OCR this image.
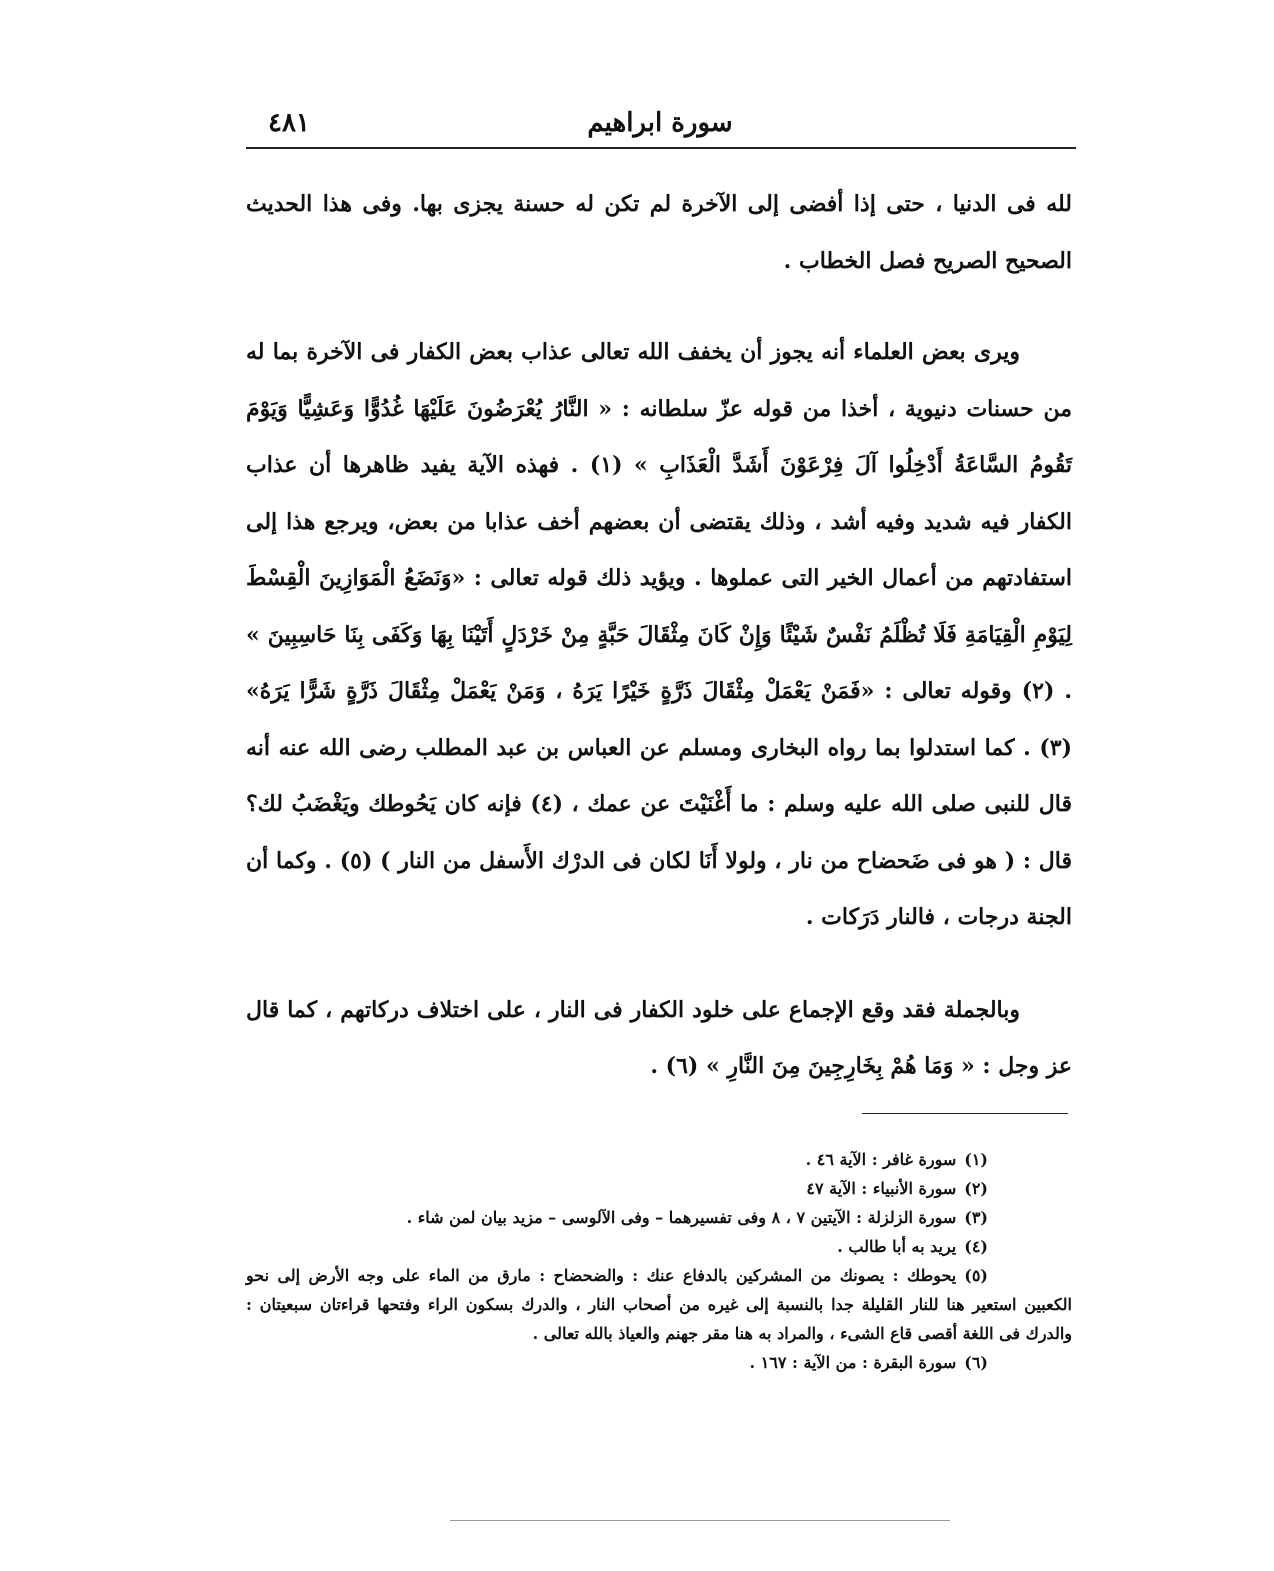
سورة ابراهيم
٤٨١

لله فى الدنيا ، حتى إذا أفضى إلى الآخرة لم تكن له حسنة يجزى بها. وفى هذا الحديث الصحيح الصريح فصل الخطاب .

ويرى بعض العلماء أنه يجوز أن يخفف الله تعالى عذاب بعض الكفار فى الآخرة بما له من حسنات دنيوية ، أخذا من قوله عزّ سلطانه : « النَّارُ يُعْرَضُونَ عَلَيْهَا غُدُوًّا وَعَشِيًّا وَيَوْمَ تَقُومُ السَّاعَةُ أَدْخِلُوا آلَ فِرْعَوْنَ أَشَدَّ الْعَذَابِ » (١) . فهذه الآية يفيد ظاهرها أن عذاب الكفار فيه شديد وفيه أشد ، وذلك يقتضى أن بعضهم أخف عذابا من بعض، ويرجع هذا إلى استفادتهم من أعمال الخير التى عملوها . ويؤيد ذلك قوله تعالى : «وَنَضَعُ الْمَوَازِينَ الْقِسْطَ لِيَوْمِ الْقِيَامَةِ فَلَا تُظْلَمُ نَفْسٌ شَيْئًا وَإِنْ كَانَ مِثْقَالَ حَبَّةٍ مِنْ خَرْدَلٍ أَتَيْنَا بِهَا وَكَفَى بِنَا حَاسِبِينَ » . (٢) وقوله تعالى : «فَمَنْ يَعْمَلْ مِثْقَالَ ذَرَّةٍ خَيْرًا يَرَهُ ، وَمَنْ يَعْمَلْ مِثْقَالَ ذَرَّةٍ شَرًّا يَرَهُ» (٣) . كما استدلوا بما رواه البخارى ومسلم عن العباس بن عبد المطلب رضى الله عنه أنه قال للنبى صلى الله عليه وسلم : ما أَغْنَيْتَ عن عمك ، (٤) فإنه كان يَحُوطك ويَغْضَبُ لك؟ قال : ( هو فى ضَحضاح من نار ، ولولا أَنَا لكان فى الدرْك الأَسفل من النار ) (٥) . وكما أن الجنة درجات ، فالنار دَرَكات .

وبالجملة فقد وقع الإجماع على خلود الكفار فى النار ، على اختلاف دركاتهم ، كما قال عز وجل : « وَمَا هُمْ بِخَارِجِينَ مِنَ النَّارِ » (٦) .

(١)سورة غافر : الآية ٤٦ .

(٢)سورة الأنبياء : الآية ٤٧

(٣)سورة الزلزلة : الآيتين ٧ ، ٨ وفى تفسيرهما – وفى الآلوسى – مزيد بيان لمن شاء .

(٤)يريد به أبا طالب .

(٥)يحوطك : يصونك من المشركين بالدفاع عنك : والضحضاح : مارق من الماء على وجه الأرض إلى نحو الكعبين استعير هنا للنار القليلة جدا بالنسبة إلى غيره من أصحاب النار ، والدرك بسكون الراء وفتحها قراءتان سبعيتان : والدرك فى اللغة أقصى قاع الشىء ، والمراد به هنا مقر جهنم والعياذ بالله تعالى .

(٦)سورة البقرة : من الآية : ١٦٧ .
